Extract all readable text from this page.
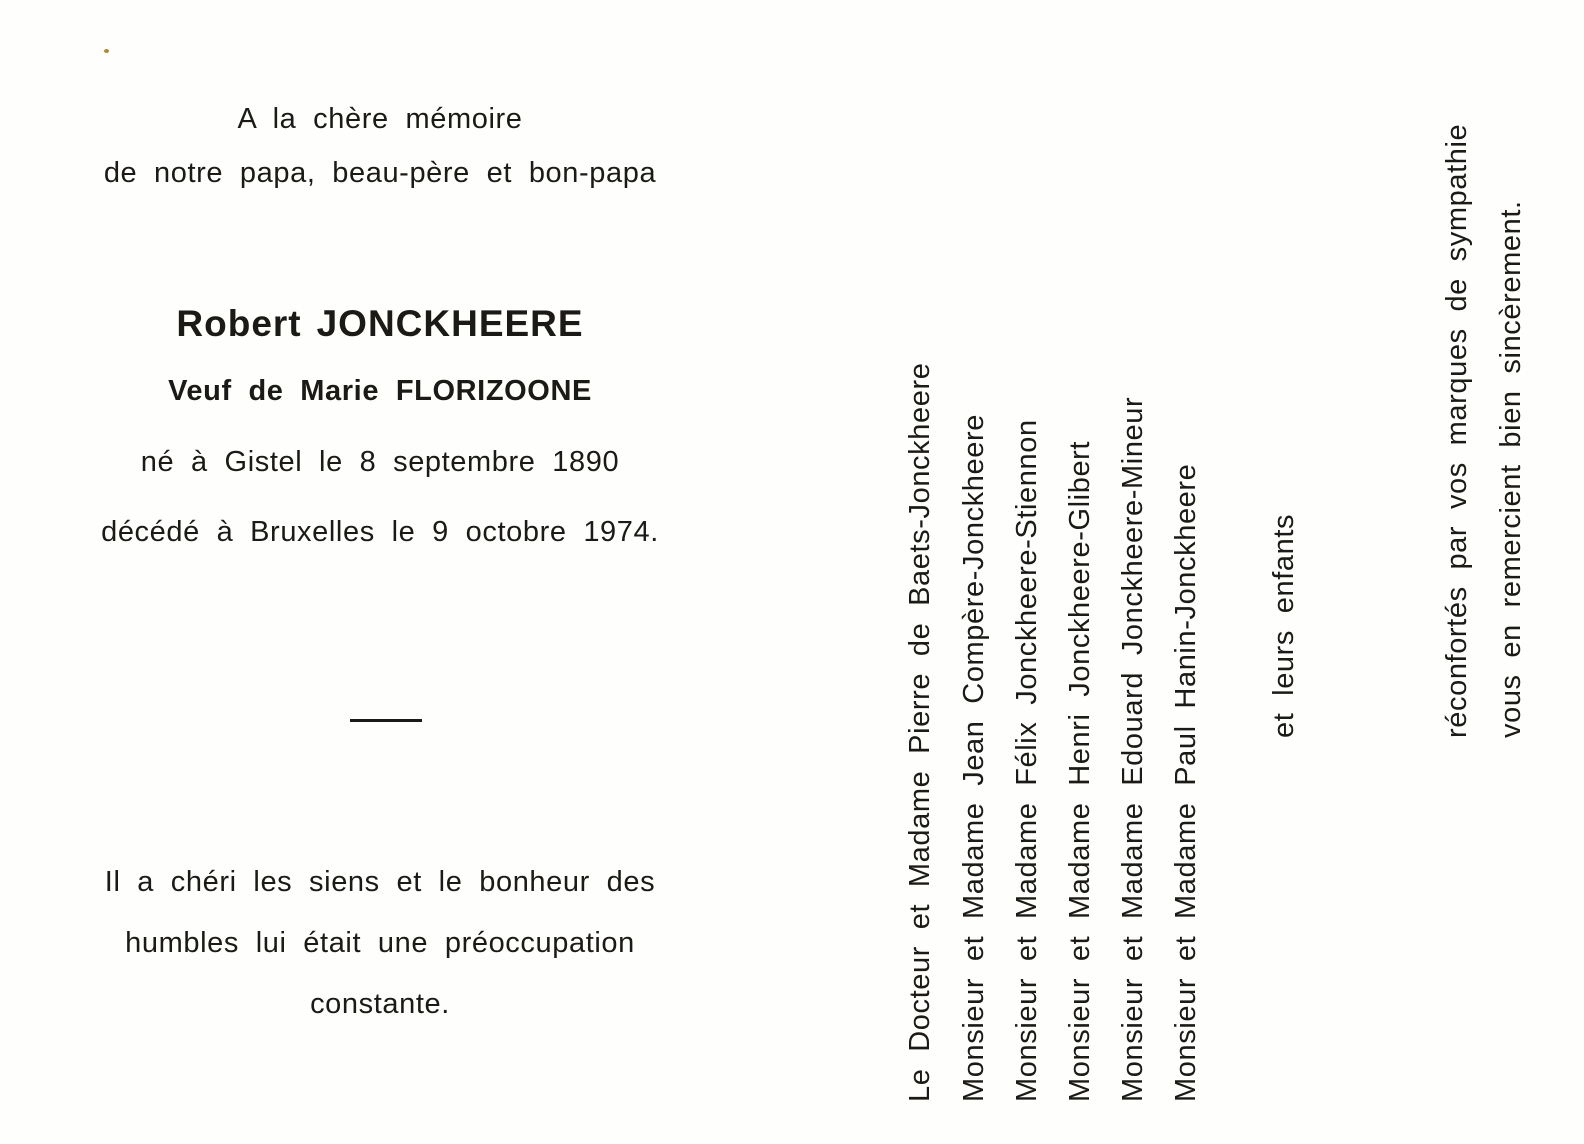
A la chère mémoire
de notre papa, beau-père et bon-papa
Robert JONCKHEERE
Veuf de Marie FLORIZOONE
né à Gistel le 8 septembre 1890
décédé à Bruxelles le 9 octobre 1974.
Il a chéri les siens et le bonheur des
humbles lui était une préoccupation
constante.	Le Docteur et Madame Pierre de Baets-Jonckheere Monsieur et Madame Jean Compère-Jonckheere Monsieur et Madame Félix Jonckheere-Stiennon Monsieur et Madame Henri Jonckheere-Glibert Monsieur et Madame Edouard Jonckheere-Mineur Monsieur et Madame Paul Hanin-Jonckheere et leurs enfants	réconfortés par vos marques de sympathie vous en remercient bien sincèrement.
